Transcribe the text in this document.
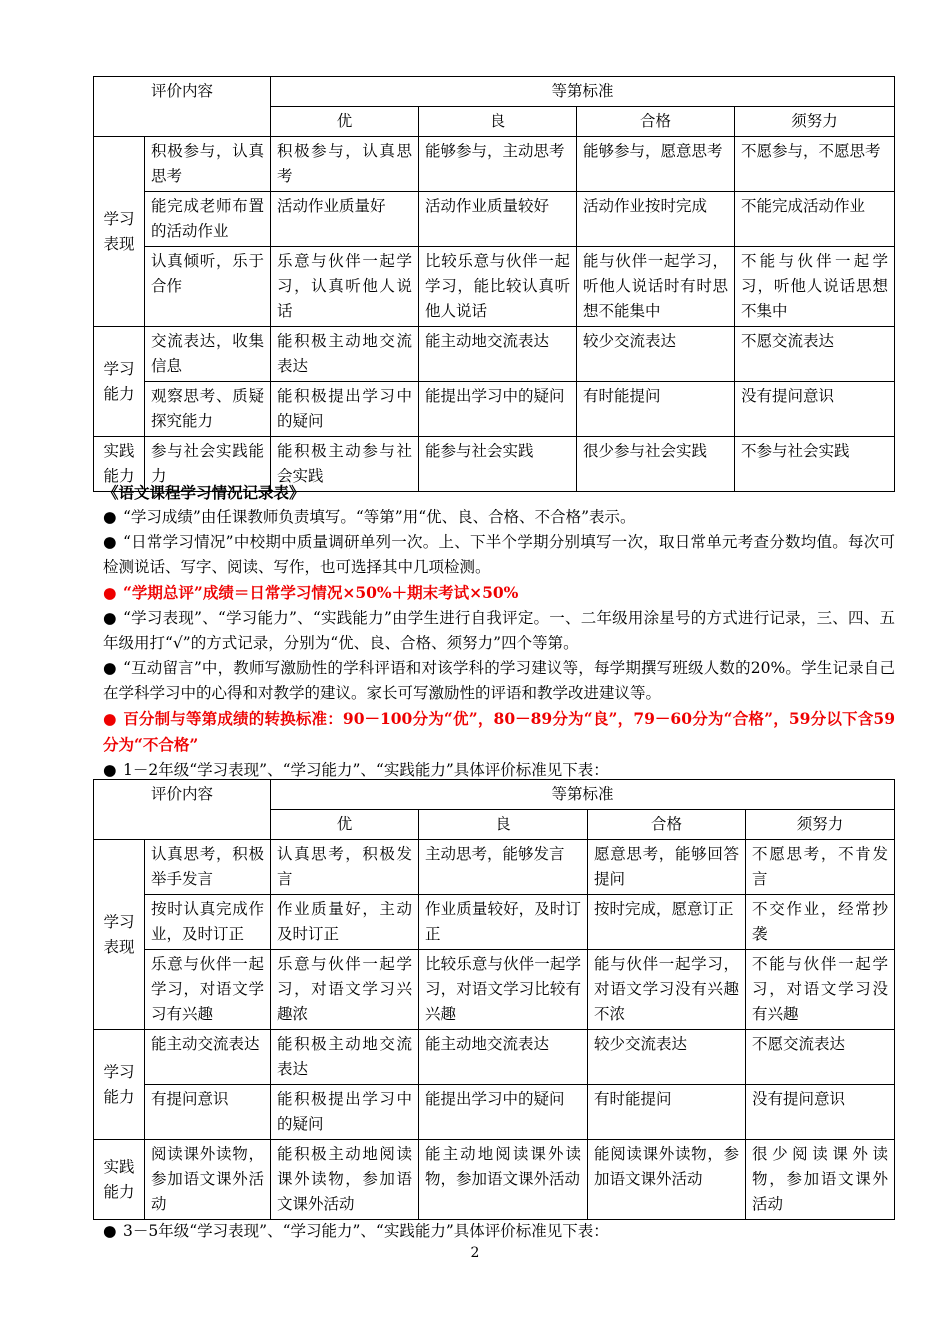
评价内容		等第标准			
		优	良	合格	须努力
学习表现	积极参与，认真思考	积极参与，认真思考	能够参与，主动思考	能够参与，愿意思考	不愿参与，不愿思考
	能完成老师布置的活动作业	活动作业质量好	活动作业质量较好	活动作业按时完成	不能完成活动作业
	认真倾听，乐于合作	乐意与伙伴一起学习，认真听他人说话	比较乐意与伙伴一起学习，能比较认真听他人说话	能与伙伴一起学习，听他人说话时有时思想不能集中	不能与伙伴一起学习，听他人说话思想不集中
学习能力	交流表达，收集信息	能积极主动地交流表达	能主动地交流表达	较少交流表达	不愿交流表达
	观察思考、质疑探究能力	能积极提出学习中的疑问	能提出学习中的疑问	有时能提问	没有提问意识
实践能力	参与社会实践能力	能积极主动参与社会实践	能参与社会实践	很少参与社会实践	不参与社会实践

《语文课程学习情况记录表》

● “学习成绩”由任课教师负责填写。“等第”用“优、良、合格、不合格”表示。

● “日常学习情况”中校期中质量调研单列一次。上、下半个学期分别填写一次，取日常单元考查分数均值。每次可检测说话、写字、阅读、写作，也可选择其中几项检测。

● “学期总评”成绩＝日常学习情况×50%＋期末考试×50%

● “学习表现”、“学习能力”、“实践能力”由学生进行自我评定。一、二年级用涂星号的方式进行记录，三、四、五年级用打“√”的方式记录，分别为“优、良、合格、须努力”四个等第。

● “互动留言”中，教师写激励性的学科评语和对该学科的学习建议等，每学期撰写班级人数的20%。学生记录自己在学科学习中的心得和对教学的建议。家长可写激励性的评语和教学改进建议等。

● 百分制与等第成绩的转换标准：90－100分为“优”，80－89分为“良”，79－60分为“合格”，59分以下含59分为“不合格”

● 1－2年级“学习表现”、“学习能力”、“实践能力”具体评价标准见下表：

评价内容		等第标准			
		优	良	合格	须努力
学习表现	认真思考，积极举手发言	认真思考，积极发言	主动思考，能够发言	愿意思考，能够回答提问	不愿思考，不肯发言
	按时认真完成作业，及时订正	作业质量好，主动及时订正	作业质量较好，及时订正	按时完成，愿意订正	不交作业，经常抄袭
	乐意与伙伴一起学习，对语文学习有兴趣	乐意与伙伴一起学习，对语文学习兴趣浓	比较乐意与伙伴一起学习，对语文学习比较有兴趣	能与伙伴一起学习，对语文学习没有兴趣不浓	不能与伙伴一起学习，对语文学习没有兴趣
学习能力	能主动交流表达	能积极主动地交流表达	能主动地交流表达	较少交流表达	不愿交流表达
	有提问意识	能积极提出学习中的疑问	能提出学习中的疑问	有时能提问	没有提问意识
实践能力	阅读课外读物，参加语文课外活动	能积极主动地阅读课外读物，参加语文课外活动	能主动地阅读课外读物，参加语文课外活动	能阅读课外读物，参加语文课外活动	很少阅读课外读物，参加语文课外活动

● 3－5年级“学习表现”、“学习能力”、“实践能力”具体评价标准见下表：

2
